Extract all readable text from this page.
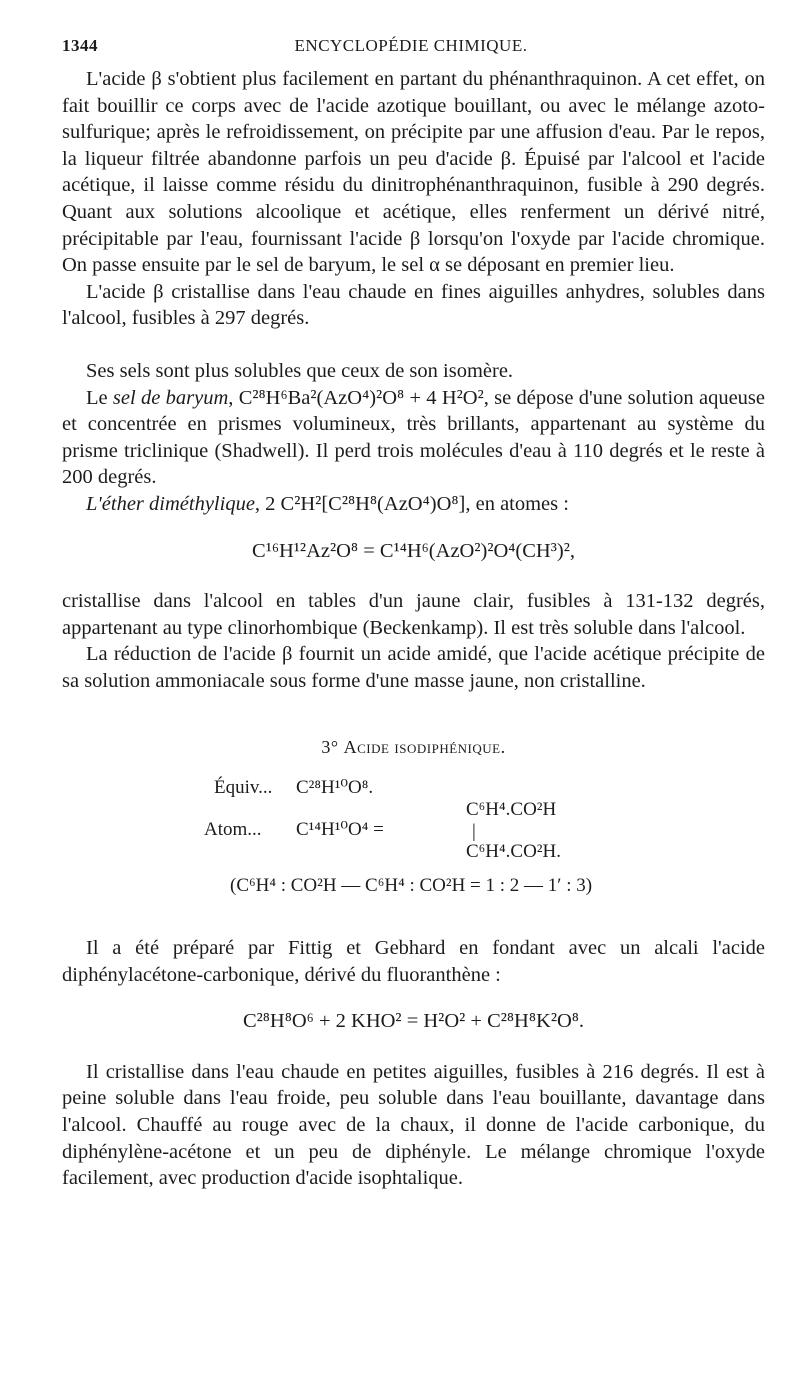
1344	ENCYCLOPÉDIE CHIMIQUE.

L'acide β s'obtient plus facilement en partant du phénanthraquinon. A cet effet, on fait bouillir ce corps avec de l'acide azotique bouillant, ou avec le mélange azoto-sulfurique; après le refroidissement, on précipite par une affusion d'eau. Par le repos, la liqueur filtrée abandonne parfois un peu d'acide β. Épuisé par l'alcool et l'acide acétique, il laisse comme résidu du dinitrophénanthraquinon, fusible à 290 degrés. Quant aux solutions alcoolique et acétique, elles renferment un dérivé nitré, précipitable par l'eau, fournissant l'acide β lorsqu'on l'oxyde par l'acide chromique. On passe ensuite par le sel de baryum, le sel α se déposant en premier lieu.

L'acide β cristallise dans l'eau chaude en fines aiguilles anhydres, solubles dans l'alcool, fusibles à 297 degrés.

Ses sels sont plus solubles que ceux de son isomère.

Le sel de baryum, C²⁸H⁶Ba²(AzO⁴)²O⁸ + 4 H²O², se dépose d'une solution aqueuse et concentrée en prismes volumineux, très brillants, appartenant au système du prisme triclinique (Shadwell). Il perd trois molécules d'eau à 110 degrés et le reste à 200 degrés.

L'éther diméthylique, 2 C²H²[C²⁸H⁸(AzO⁴)O⁸], en atomes :

C¹⁶H¹²Az²O⁸ = C¹⁴H⁶(AzO²)²O⁴(CH³)²,

cristallise dans l'alcool en tables d'un jaune clair, fusibles à 131-132 degrés, appartenant au type clinorhombique (Beckenkamp). Il est très soluble dans l'alcool.

La réduction de l'acide β fournit un acide amidé, que l'acide acétique précipite de sa solution ammoniacale sous forme d'une masse jaune, non cristalline.

3° Acide isodiphénique.
Équiv... C²⁸H¹⁰O⁸.
C⁶H⁴.CO²H
Atom... C¹⁴H¹⁰O⁴ =	|
C⁶H⁴.CO²H.
(C⁶H⁴ : CO²H — C⁶H⁴ : CO²H = 1 : 2 — 1′ : 3)

Il a été préparé par Fittig et Gebhard en fondant avec un alcali l'acide diphénylacétone-carbonique, dérivé du fluoranthène :

C²⁸H⁸O⁶ + 2 KHO² = H²O² + C²⁸H⁸K²O⁸.

Il cristallise dans l'eau chaude en petites aiguilles, fusibles à 216 degrés. Il est à peine soluble dans l'eau froide, peu soluble dans l'eau bouillante, davantage dans l'alcool. Chauffé au rouge avec de la chaux, il donne de l'acide carbonique, du diphénylène-acétone et un peu de diphényle. Le mélange chromique l'oxyde facilement, avec production d'acide isophtalique.
